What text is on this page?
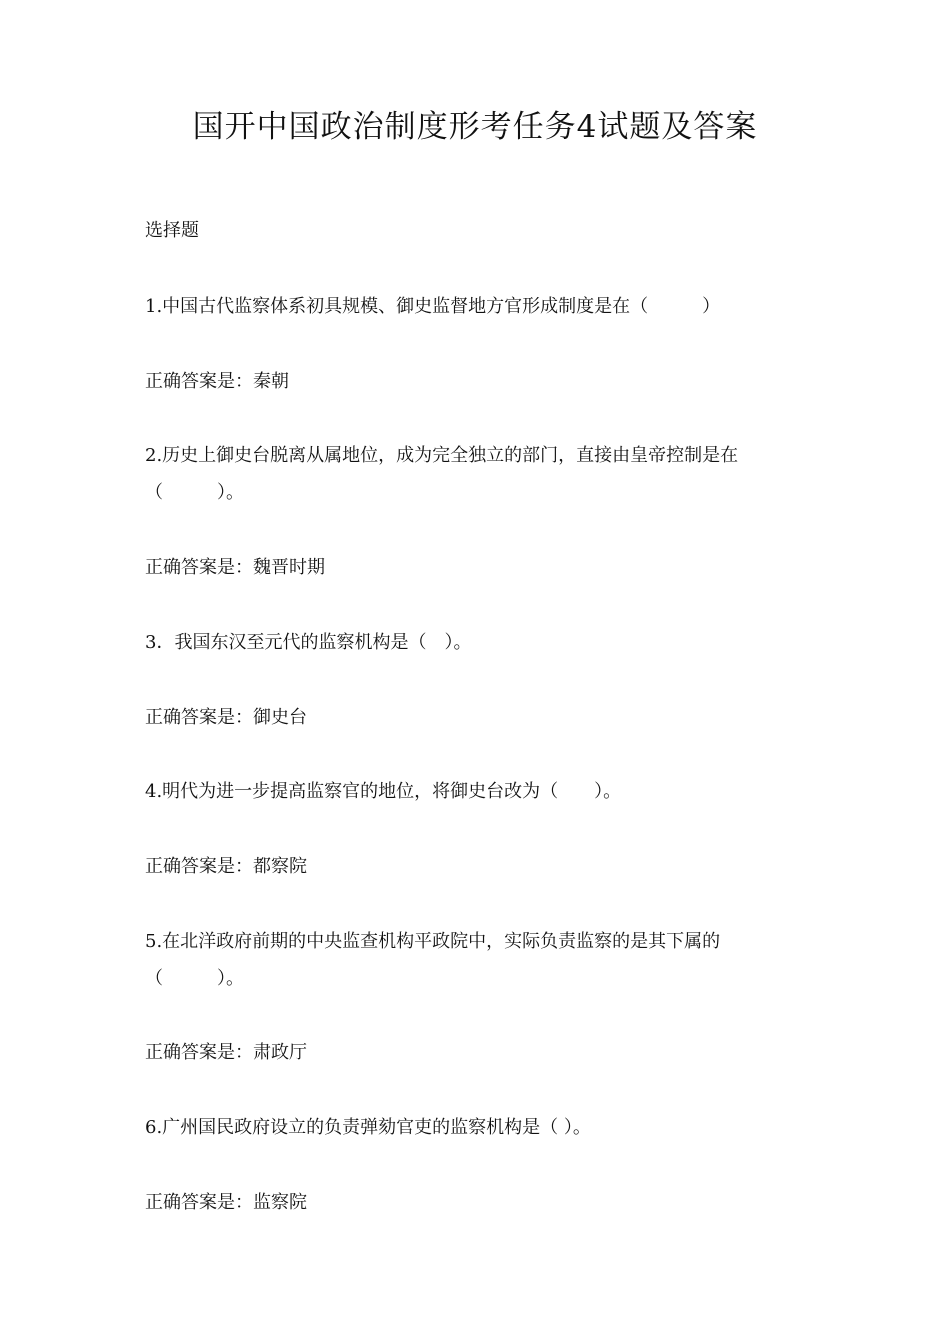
国开中国政治制度形考任务4试题及答案
选择题
1.中国古代监察体系初具规模、御史监督地方官形成制度是在（　　　）
正确答案是：秦朝
2.历史上御史台脱离从属地位，成为完全独立的部门，直接由皇帝控制是在
（　　　）。
正确答案是：魏晋时期
3．我国东汉至元代的监察机构是（　）。
正确答案是：御史台
4.明代为进一步提高监察官的地位，将御史台改为（　　）。
正确答案是：都察院
5.在北洋政府前期的中央监查机构平政院中，实际负责监察的是其下属的
（　　　）。
正确答案是：肃政厅
6.广州国民政府设立的负责弹劾官吏的监察机构是（ ）。
正确答案是：监察院
